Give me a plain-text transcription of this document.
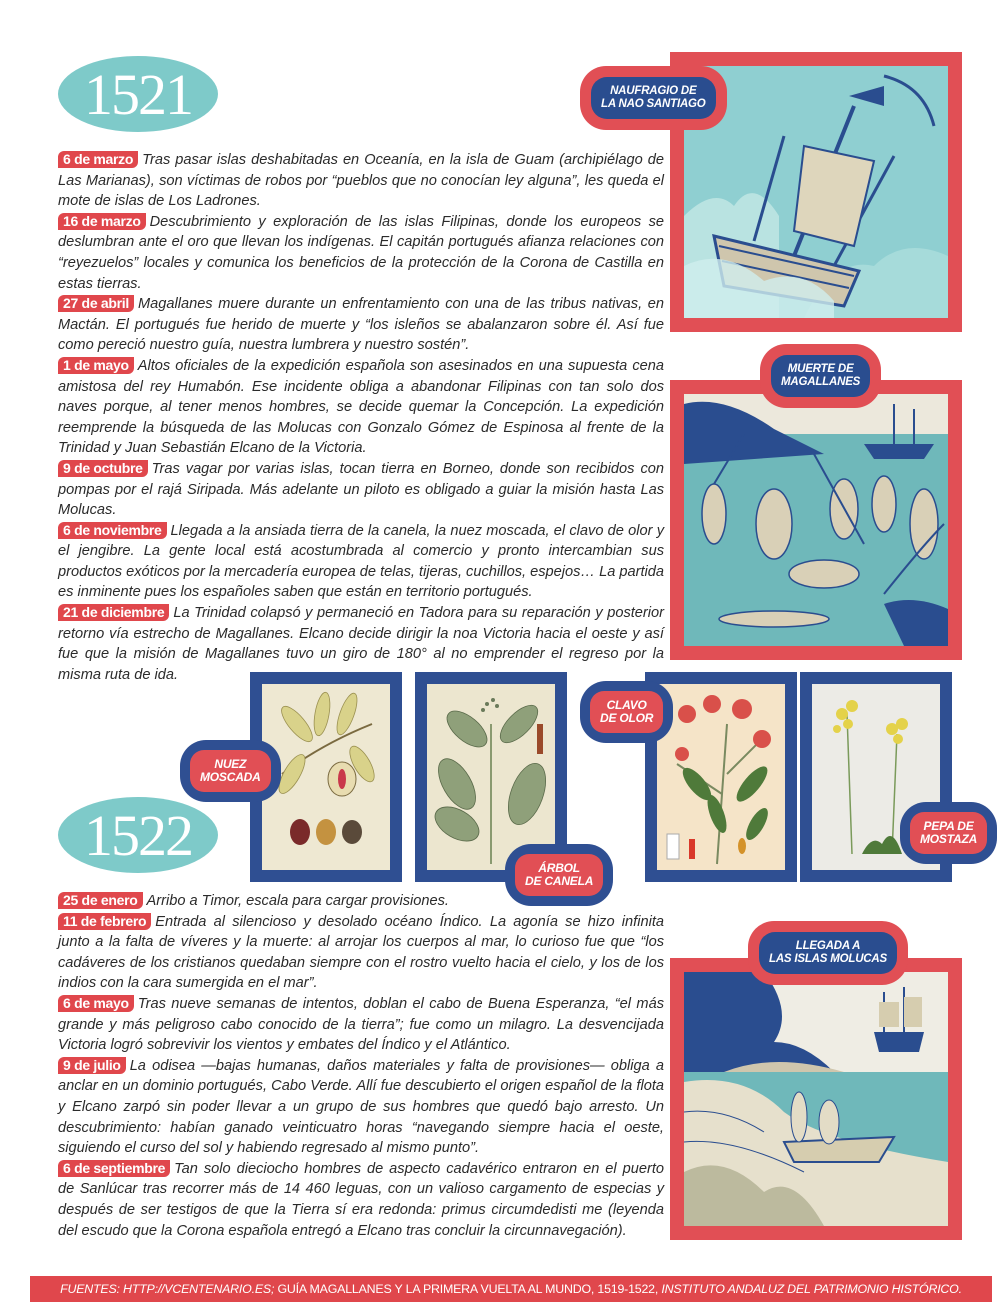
1521

6 de marzo Tras pasar islas deshabitadas en Oceanía, en la isla de Guam (archipiélago de Las Marianas), son víctimas de robos por “pueblos que no conocían ley alguna”, les queda el mote de islas de Los Ladrones.

16 de marzo Descubrimiento y exploración de las islas Filipinas, donde los europeos se deslumbran ante el oro que llevan los indígenas. El capitán portugués afianza relaciones con “reyezuelos” locales y comunica los beneficios de la protección de la Corona de Castilla en estas tierras.

27 de abril Magallanes muere durante un enfrentamiento con una de las tribus nativas, en Mactán. El portugués fue herido de muerte y “los isleños se abalanzaron sobre él. Así fue como pereció nuestro guía, nuestra lumbrera y nuestro sostén”.

1 de mayo Altos oficiales de la expedición española son asesinados en una supuesta cena amistosa del rey Humabón. Ese incidente obliga a abandonar Filipinas con tan solo dos naves porque, al tener menos hombres, se decide quemar la Concepción. La expedición reemprende la búsqueda de las Molucas con Gonzalo Gómez de Espinosa al frente de la Trinidad y Juan Sebastián Elcano de la Victoria.

9 de octubre Tras vagar por varias islas, tocan tierra en Borneo, donde son recibidos con pompas por el rajá Siripada. Más adelante un piloto es obligado a guiar la misión hasta Las Molucas.

6 de noviembre Llegada a la ansiada tierra de la canela, la nuez moscada, el clavo de olor y el jengibre. La gente local está acostumbrada al comercio y pronto intercambian sus productos exóticos por la mercadería europea de telas, tijeras, cuchillos, espejos… La partida es inminente pues los españoles saben que están en territorio portugués.

21 de diciembre La Trinidad colapsó y permaneció en Tadora para su reparación y posterior retorno vía estrecho de Magallanes. Elcano decide dirigir la noa Victoria hacia el oeste y así fue que la misión de Magallanes tuvo un giro de 180° al no emprender el regreso por la misma ruta de ida.

NAUFRAGIO DE
LA NAO SANTIAGO
MUERTE DE
MAGALLANES
NUEZ
MOSCADA
ÁRBOL
DE CANELA
CLAVO
DE OLOR
PEPA DE
MOSTAZA
1522

25 de enero Arribo a Timor, escala para cargar provisiones.

11 de febrero Entrada al silencioso y desolado océano Índico. La agonía se hizo infinita junto a la falta de víveres y la muerte: al arrojar los cuerpos al mar, lo curioso fue que “los cadáveres de los cristianos quedaban siempre con el rostro vuelto hacia el cielo, y los de los indios con la cara sumergida en el mar”.

6 de mayo Tras nueve semanas de intentos, doblan el cabo de Buena Esperanza, “el más grande y más peligroso cabo conocido de la tierra”; fue como un milagro. La desvencijada Victoria logró sobrevivir los vientos y embates del Índico y el Atlántico.

9 de julio La odisea —bajas humanas, daños materiales y falta de provisiones— obliga a anclar en un dominio portugués, Cabo Verde. Allí fue descubierto el origen español de la flota y Elcano zarpó sin poder llevar a un grupo de sus hombres que quedó bajo arresto. Un descubrimiento: habían ganado veinticuatro horas “navegando siempre hacia el oeste, siguiendo el curso del sol y habiendo regresado al mismo punto”.

6 de septiembre Tan solo dieciocho hombres de aspecto cadavérico entraron en el puerto de Sanlúcar tras recorrer más de 14 460 leguas, con un valioso cargamento de especias y después de ser testigos de que la Tierra sí era redonda: primus circumdedisti me (leyenda del escudo que la Corona española entregó a Elcano tras concluir la circunnavegación).

LLEGADA A
LAS ISLAS MOLUCAS
FUENTES: HTTP://VCENTENARIO.ES; GUÍA MAGALLANES Y LA PRIMERA VUELTA AL MUNDO, 1519-1522, INSTITUTO ANDALUZ DEL PATRIMONIO HISTÓRICO.
